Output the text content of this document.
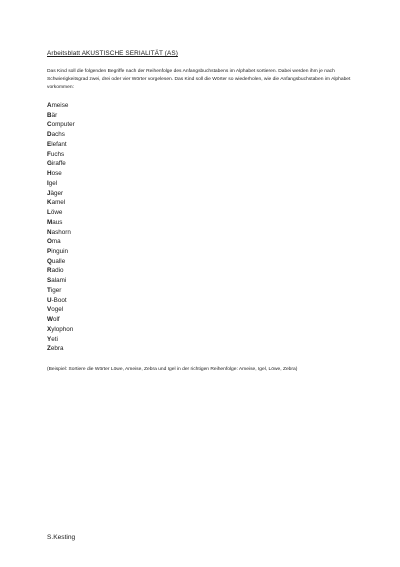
Arbeitsblatt AKUSTISCHE SERIALITÄT (AS)
Das Kind soll die folgenden Begriffe nach der Reihenfolge des Anfangsbuchstabens im Alphabet sortieren. Dabei werden ihm je nach Schwierigkeitsgrad zwei, drei oder vier Wörter vorgelesen. Das Kind soll die Wörter so wiederholen, wie die Anfangsbuchstaben im Alphabet vorkommen:
Ameise
Bär
Computer
Dachs
Elefant
Fuchs
Giraffe
Hose
Igel
Jäger
Kamel
Löwe
Maus
Nashorn
Oma
Pinguin
Qualle
Radio
Salami
Tiger
U-Boot
Vogel
Wolf
Xylophon
Yeti
Zebra
(Beispiel: Sortiere die Wörter Löwe, Ameise, Zebra und Igel in der richtigen Reihenfolge: Ameise, Igel, Löwe, Zebra)
S.Kesting
